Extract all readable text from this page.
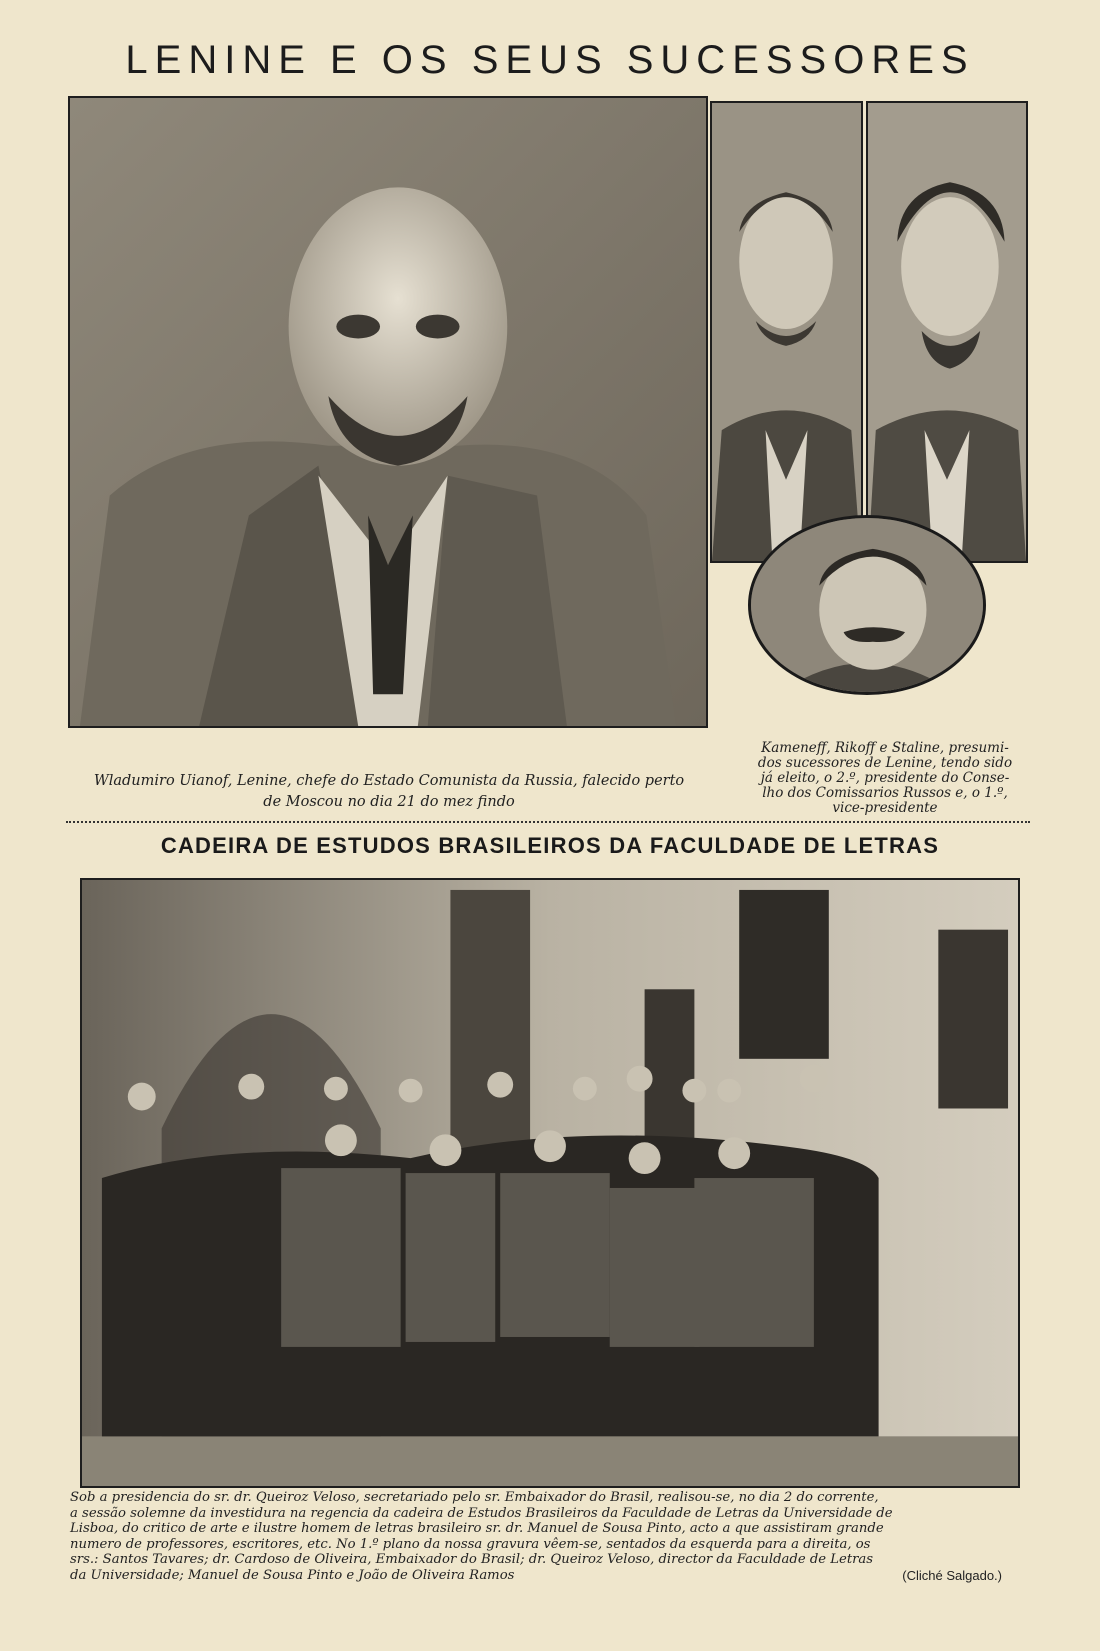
LENINE E OS SEUS SUCESSORES
Wladumiro Uianof, Lenine, chefe do Estado Comunista da Russia, falecido perto
de Moscou no dia 21 do mez findo
Kameneff, Rikoff e Staline, presumi-
dos sucessores de Lenine, tendo sido
já eleito, o 2.º, presidente do Conse-
lho dos Comissarios Russos e, o 1.º,
vice-presidente
CADEIRA DE ESTUDOS BRASILEIROS DA FACULDADE DE LETRAS
Sob a presidencia do sr. dr. Queiroz Veloso, secretariado pelo sr. Embaixador do Brasil, realisou-se, no dia 2 do corrente,
a sessão solemne da investidura na regencia da cadeira de Estudos Brasileiros da Faculdade de Letras da Universidade de
Lisboa, do critico de arte e ilustre homem de letras brasileiro sr. dr. Manuel de Sousa Pinto, acto a que assistiram grande
numero de professores, escritores, etc. No 1.º plano da nossa gravura vêem-se, sentados da esquerda para a direita, os
srs.: Santos Tavares; dr. Cardoso de Oliveira, Embaixador do Brasil; dr. Queiroz Veloso, director da Faculdade de Letras
da Universidade; Manuel de Sousa Pinto e João de Oliveira Ramos	(Cliché Salgado.)
